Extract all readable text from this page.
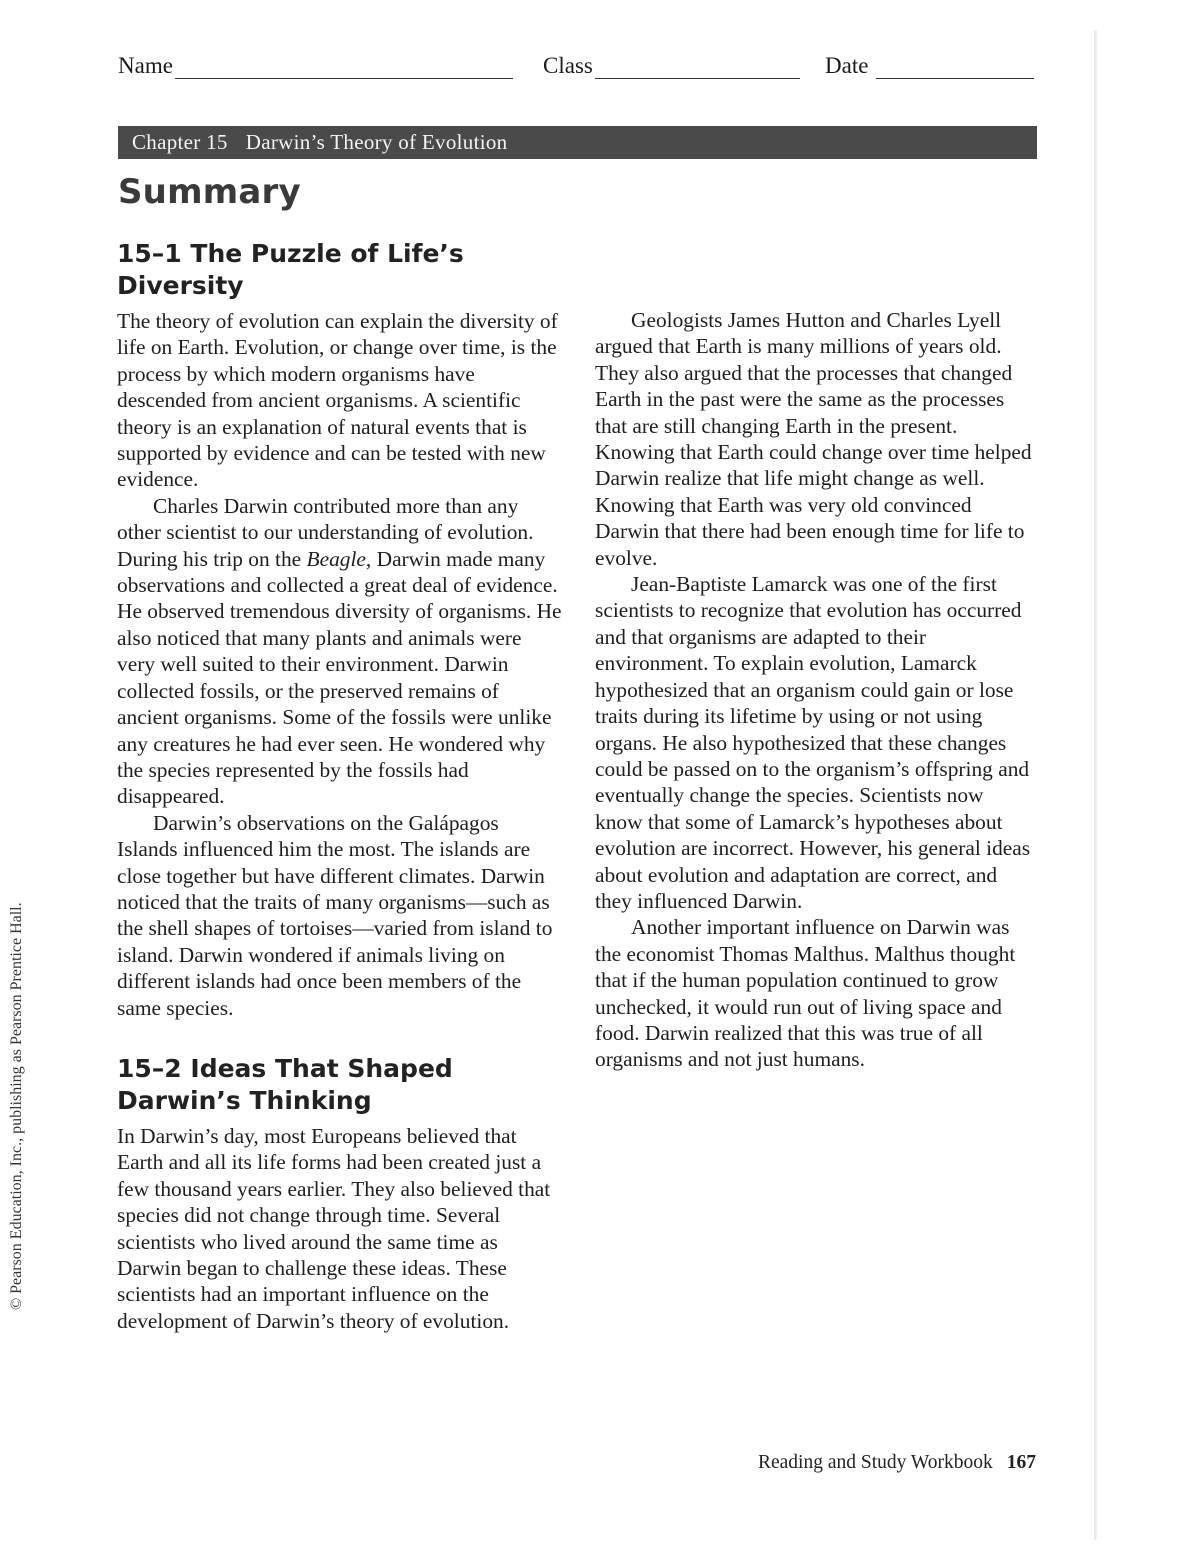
Name	Class	Date
Chapter 15 Darwin’s Theory of Evolution
Summary
15–1 The Puzzle of Life’s
Diversity

The theory of evolution can explain the diversity of life on Earth. Evolution, or change over time, is the process by which modern organisms have descended from ancient organisms. A scientific theory is an explanation of natural events that is supported by evidence and can be tested with new evidence.

Charles Darwin contributed more than any other scientist to our understanding of evolution. During his trip on the Beagle, Darwin made many observations and collected a great deal of evidence. He observed tremendous diversity of organisms. He also noticed that many plants and animals were very well suited to their environment. Darwin collected fossils, or the preserved remains of ancient organisms. Some of the fossils were unlike any creatures he had ever seen. He wondered why the species represented by the fossils had disappeared.

Darwin’s observations on the Galápagos Islands influenced him the most. The islands are close together but have different climates. Darwin noticed that the traits of many organisms—such as the shell shapes of tortoises—varied from island to island. Darwin wondered if animals living on different islands had once been members of the same species.

15–2 Ideas That Shaped
Darwin’s Thinking

In Darwin’s day, most Europeans believed that Earth and all its life forms had been created just a few thousand years earlier. They also believed that species did not change through time. Several scientists who lived around the same time as Darwin began to challenge these ideas. These scientists had an important influence on the development of Darwin’s theory of evolution.

Geologists James Hutton and Charles Lyell argued that Earth is many millions of years old. They also argued that the processes that changed Earth in the past were the same as the processes that are still changing Earth in the present. Knowing that Earth could change over time helped Darwin realize that life might change as well. Knowing that Earth was very old convinced Darwin that there had been enough time for life to evolve.

Jean-Baptiste Lamarck was one of the first scientists to recognize that evolution has occurred and that organisms are adapted to their environment. To explain evolution, Lamarck hypothesized that an organism could gain or lose traits during its lifetime by using or not using organs. He also hypothesized that these changes could be passed on to the organism’s offspring and eventually change the species. Scientists now know that some of Lamarck’s hypotheses about evolution are incorrect. However, his general ideas about evolution and adaptation are correct, and they influenced Darwin.

Another important influence on Darwin was the economist Thomas Malthus. Malthus thought that if the human population continued to grow unchecked, it would run out of living space and food. Darwin realized that this was true of all organisms and not just humans.

© Pearson Education, Inc., publishing as Pearson Prentice Hall.
Reading and Study Workbook 167
